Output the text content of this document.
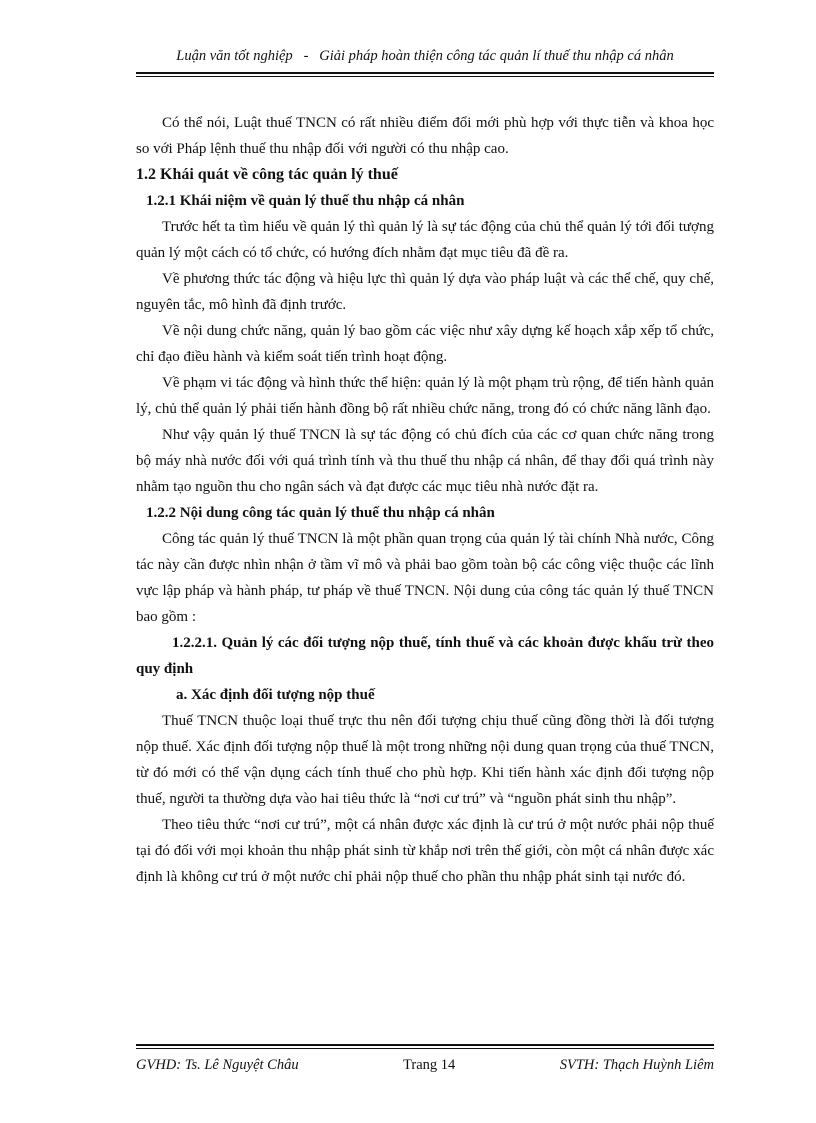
Luận văn tốt nghiệp - Giải pháp hoàn thiện công tác quản lí thuế thu nhập cá nhân

Có thể nói, Luật thuế TNCN có rất nhiều điểm đổi mới phù hợp với thực tiễn và khoa học so với Pháp lệnh thuế thu nhập đối với người có thu nhập cao.

1.2 Khái quát về công tác quản lý thuế

1.2.1 Khái niệm về quản lý thuế thu nhập cá nhân

Trước hết ta tìm hiểu về quản lý thì quản lý là sự tác động của chủ thể quản lý tới đối tượng quản lý một cách có tổ chức, có hướng đích nhằm đạt mục tiêu đã đề ra.

Về phương thức tác động và hiệu lực thì quản lý dựa vào pháp luật và các thể chế, quy chế, nguyên tắc, mô hình đã định trước.

Về nội dung chức năng, quản lý bao gồm các việc như xây dựng kế hoạch xắp xếp tổ chức, chỉ đạo điều hành và kiểm soát tiến trình hoạt động.

Về phạm vi tác động và hình thức thể hiện: quản lý là một phạm trù rộng, để tiến hành quản lý, chủ thể quản lý phải tiến hành đồng bộ rất nhiều chức năng, trong đó có chức năng lãnh đạo.

Như vậy quản lý thuế TNCN là sự tác động có chủ đích của các cơ quan chức năng trong bộ máy nhà nước đối với quá trình tính và thu thuế thu nhập cá nhân, để thay đổi quá trình này nhằm tạo nguồn thu cho ngân sách và đạt được các mục tiêu nhà nước đặt ra.

1.2.2 Nội dung công tác quản lý thuế thu nhập cá nhân

Công tác quản lý thuế TNCN là một phần quan trọng của quản lý tài chính Nhà nước, Công tác này cần được nhìn nhận ở tầm vĩ mô và phải bao gồm toàn bộ các công việc thuộc các lĩnh vực lập pháp và hành pháp, tư pháp về thuế TNCN. Nội dung của công tác quản lý thuế TNCN bao gồm :

1.2.2.1. Quản lý các đối tượng nộp thuế, tính thuế và các khoản được khấu trừ theo quy định

a. Xác định đối tượng nộp thuế

Thuế TNCN thuộc loại thuế trực thu nên đối tượng chịu thuế cũng đồng thời là đối tượng nộp thuế. Xác định đối tượng nộp thuế là một trong những nội dung quan trọng của thuế TNCN, từ đó mới có thể vận dụng cách tính thuế cho phù hợp. Khi tiến hành xác định đối tượng nộp thuế, người ta thường dựa vào hai tiêu thức là “nơi cư trú” và “nguồn phát sinh thu nhập”.

Theo tiêu thức “nơi cư trú”, một cá nhân được xác định là cư trú ở một nước phải nộp thuế tại đó đối với mọi khoản thu nhập phát sinh từ khắp nơi trên thế giới, còn một cá nhân được xác định là không cư trú ở một nước chỉ phải nộp thuế cho phần thu nhập phát sinh tại nước đó.

GVHD: Ts. Lê Nguyệt Châu	Trang 14	SVTH: Thạch Huỳnh Liêm
